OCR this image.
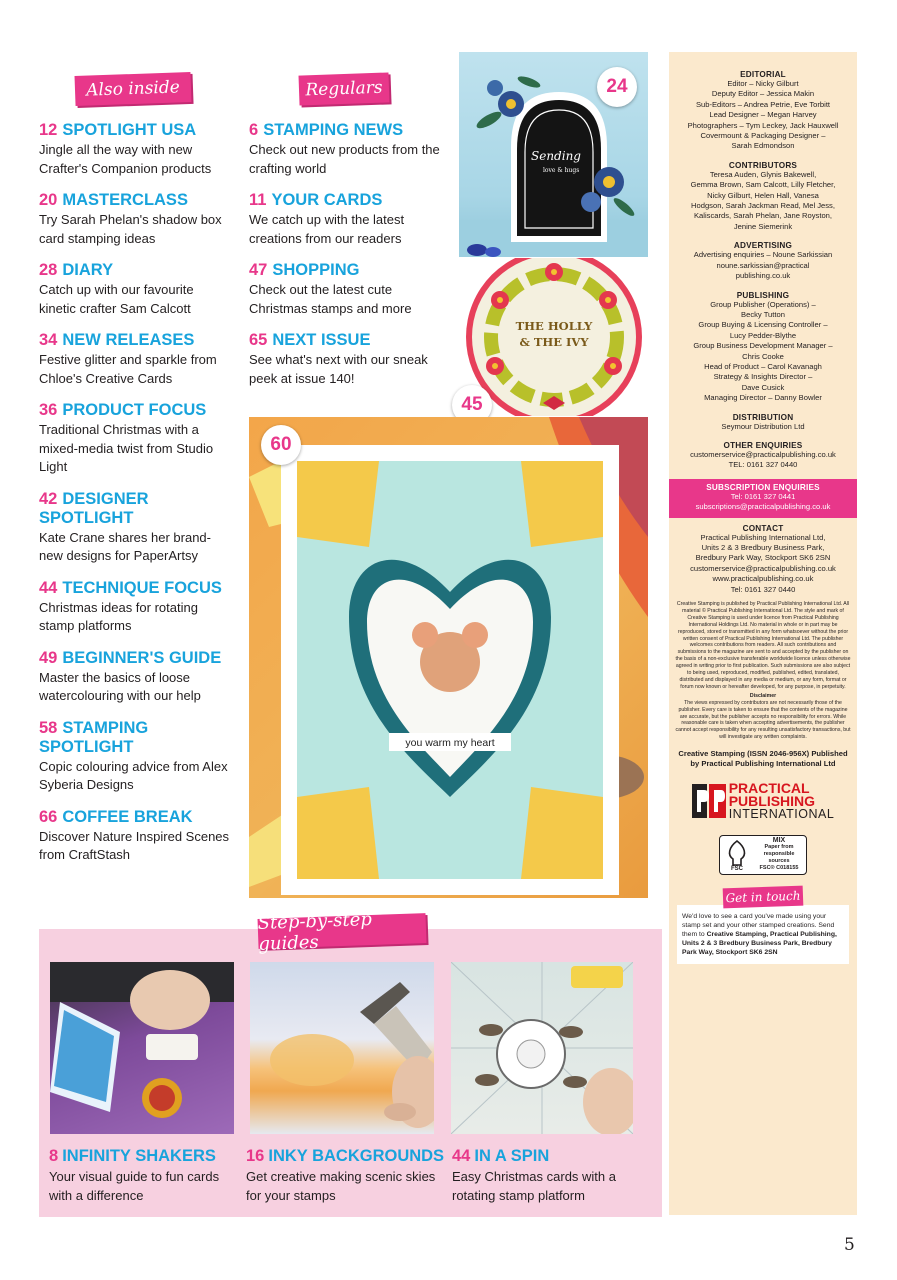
Also inside	Regulars
12 SPOTLIGHT USA
Jingle all the way with new Crafter's Companion products
20 MASTERCLASS
Try Sarah Phelan's shadow box card stamping ideas
28 DIARY
Catch up with our favourite kinetic crafter Sam Calcott
34 NEW RELEASES
Festive glitter and sparkle from Chloe's Creative Cards
36 PRODUCT FOCUS
Traditional Christmas with a mixed-media twist from Studio Light
42 DESIGNER SPOTLIGHT
Kate Crane shares her brand-new designs for PaperArtsy
44 TECHNIQUE FOCUS
Christmas ideas for rotating stamp platforms
49 BEGINNER'S GUIDE
Master the basics of loose watercolouring with our help
58 STAMPING SPOTLIGHT
Copic colouring advice from Alex Syberia Designs
66 COFFEE BREAK
Discover Nature Inspired Scenes from CraftStash
6 STAMPING NEWS
Check out new products from the crafting world
11 YOUR CARDS
We catch up with the latest creations from our readers
47 SHOPPING
Check out the latest cute Christmas stamps and more
65 NEXT ISSUE
See what's next with our sneak peek at issue 140!
Sending
love & hugs
24
THE HOLLY
& THE IVY
45
you warm my heart
60
EDITORIAL
Editor – Nicky Gilburt
Deputy Editor – Jessica Makin
Sub-Editors – Andrea Petrie, Eve Torbitt
Lead Designer – Megan Harvey
Photographers – Tym Leckey, Jack Hauxwell
Covermount & Packaging Designer –
Sarah Edmondson
CONTRIBUTORS
Teresa Auden, Glynis Bakewell,
Gemma Brown, Sam Calcott, Lilly Fletcher,
Nicky Gilburt, Helen Hall, Vanesa
Hodgson, Sarah Jackman Read, Mel Jess,
Kaliscards, Sarah Phelan, Jane Royston,
Jenine Siemerink
ADVERTISING
Advertising enquiries – Noune Sarkissian
noune.sarkissian@practical
publishing.co.uk
PUBLISHING
Group Publisher (Operations) –
Becky Tutton
Group Buying & Licensing Controller –
Lucy Pedder-Blythe
Group Business Development Manager –
Chris Cooke
Head of Product – Carol Kavanagh
Strategy & Insights Director –
Dave Cusick
Managing Director – Danny Bowler
DISTRIBUTION
Seymour Distribution Ltd
OTHER ENQUIRIES
customerservice@practicalpublishing.co.uk
TEL: 0161 327 0440
SUBSCRIPTION ENQUIRIES
Tel: 0161 327 0441
subscriptions@practicalpublishing.co.uk
CONTACT
Practical Publishing International Ltd,
Units 2 & 3 Bredbury Business Park,
Bredbury Park Way, Stockport SK6 2SN
customerservice@practicalpublishing.co.uk
www.practicalpublishing.co.uk
Tel: 0161 327 0440
Creative Stamping is published by Practical Publishing International Ltd. All material © Practical Publishing International Ltd. The style and mark of Creative Stamping is used under licence from Practical Publishing International Holdings Ltd. No material in whole or in part may be reproduced, stored or transmitted in any form whatsoever without the prior written consent of Practical Publishing International Ltd. The publisher welcomes contributions from readers. All such contributions and submissions to the magazine are sent to and accepted by the publisher on the basis of a non-exclusive transferable worldwide licence unless otherwise agreed in writing prior to first publication. Such submissions are also subject to being used, reproduced, modified, published, edited, translated, distributed and displayed in any media or medium, or any form, format or forum now known or hereafter developed, for any purpose, in perpetuity.
Disclaimer
The views expressed by contributors are not necessarily those of the publisher. Every care is taken to ensure that the contents of the magazine are accurate, but the publisher accepts no responsibility for errors. While reasonable care is taken when accepting advertisements, the publisher cannot accept responsibility for any resulting unsatisfactory transactions, but will investigate any written complaints.
Creative Stamping (ISSN 2046-956X) Published by Practical Publishing International Ltd
PRACTICAL
PUBLISHING
INTERNATIONAL
FSC
MIX
Paper from responsible sources
FSC® C018155
Get in touch
We'd love to see a card you've made using your stamp set and your other stamped creations. Send them to Creative Stamping, Practical Publishing, Units 2 & 3 Bredbury Business Park, Bredbury Park Way, Stockport SK6 2SN
8 INFINITY SHAKERS
Your visual guide to fun cards with a difference
16 INKY BACKGROUNDS
Get creative making scenic skies for your stamps
44 IN A SPIN
Easy Christmas cards with a rotating stamp platform
Step-by-step guides
5
